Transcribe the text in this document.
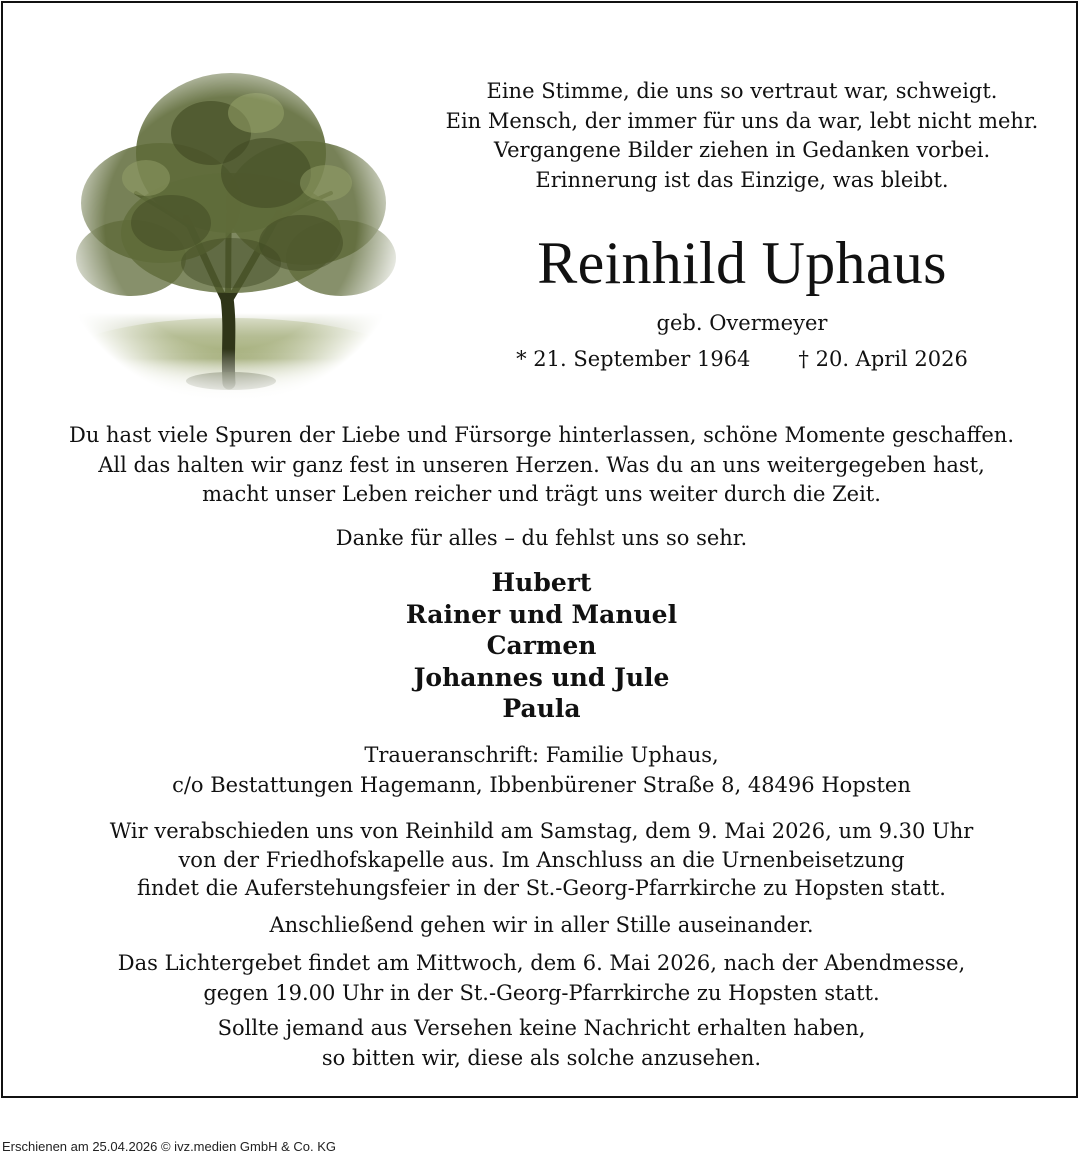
Eine Stimme, die uns so vertraut war, schweigt.
Ein Mensch, der immer für uns da war, lebt nicht mehr.
Vergangene Bilder ziehen in Gedanken vorbei.
Erinnerung ist das Einzige, was bleibt.
Reinhild Uphaus
geb. Overmeyer
* 21. September 1964 † 20. April 2026
Du hast viele Spuren der Liebe und Fürsorge hinterlassen, schöne Momente geschaffen.
All das halten wir ganz fest in unseren Herzen. Was du an uns weitergegeben hast,
macht unser Leben reicher und trägt uns weiter durch die Zeit.
Danke für alles – du fehlst uns so sehr.
Hubert
Rainer und Manuel
Carmen
Johannes und Jule
Paula
Traueranschrift: Familie Uphaus,
c/o Bestattungen Hagemann, Ibbenbürener Straße 8, 48496 Hopsten
Wir verabschieden uns von Reinhild am Samstag, dem 9. Mai 2026, um 9.30 Uhr
von der Friedhofskapelle aus. Im Anschluss an die Urnenbeisetzung
findet die Auferstehungsfeier in der St.-Georg-Pfarrkirche zu Hopsten statt.
Anschließend gehen wir in aller Stille auseinander.
Das Lichtergebet findet am Mittwoch, dem 6. Mai 2026, nach der Abendmesse,
gegen 19.00 Uhr in der St.-Georg-Pfarrkirche zu Hopsten statt.
Sollte jemand aus Versehen keine Nachricht erhalten haben,
so bitten wir, diese als solche anzusehen.
Erschienen am 25.04.2026 © ivz.medien GmbH & Co. KG
